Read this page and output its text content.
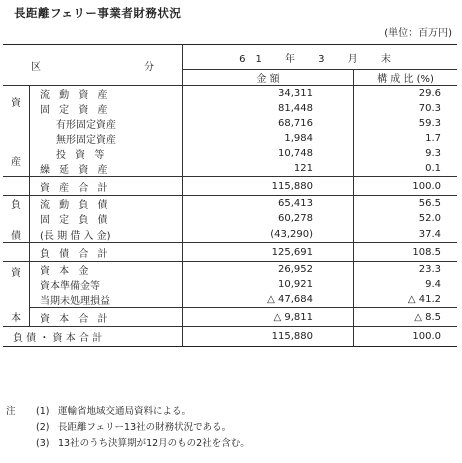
長距離フェリー事業者財務状況
(単位：百万円)
区 分		61 年 3 月 末	
		金 額	構 成 比 (%)

資
産	流 動 資 産	34,311	29.6
	固 定 資 産	81,448	70.3
	有形固定資産	68,716	59.3
	無形固定資産	1,984	1.7
	投 資 等	10,748	9.3
	繰 延 資 産	121	0.1
	資 産 合 計	115,880	100.0

負
債	流 動 負 債	65,413	56.5
	固 定 負 債	60,278	52.0
	(長 期 借 入 金)	(43,290)	37.4
	負 債 合 計	125,691	108.5

資
本	資 本 金	26,952	23.3
	資本準備金等	10,921	9.4
	当期未処理損益	△ 47,684	△ 41.2
	資 本 合 計	△ 9,811	△ 8.5
負 債 ・ 資 本 合 計		115,880	100.0
注	(1) 運輸省地域交通局資料による。
(2) 長距離フェリー13社の財務状況である。
(3) 13社のうち決算期が12月のもの2社を含む。
